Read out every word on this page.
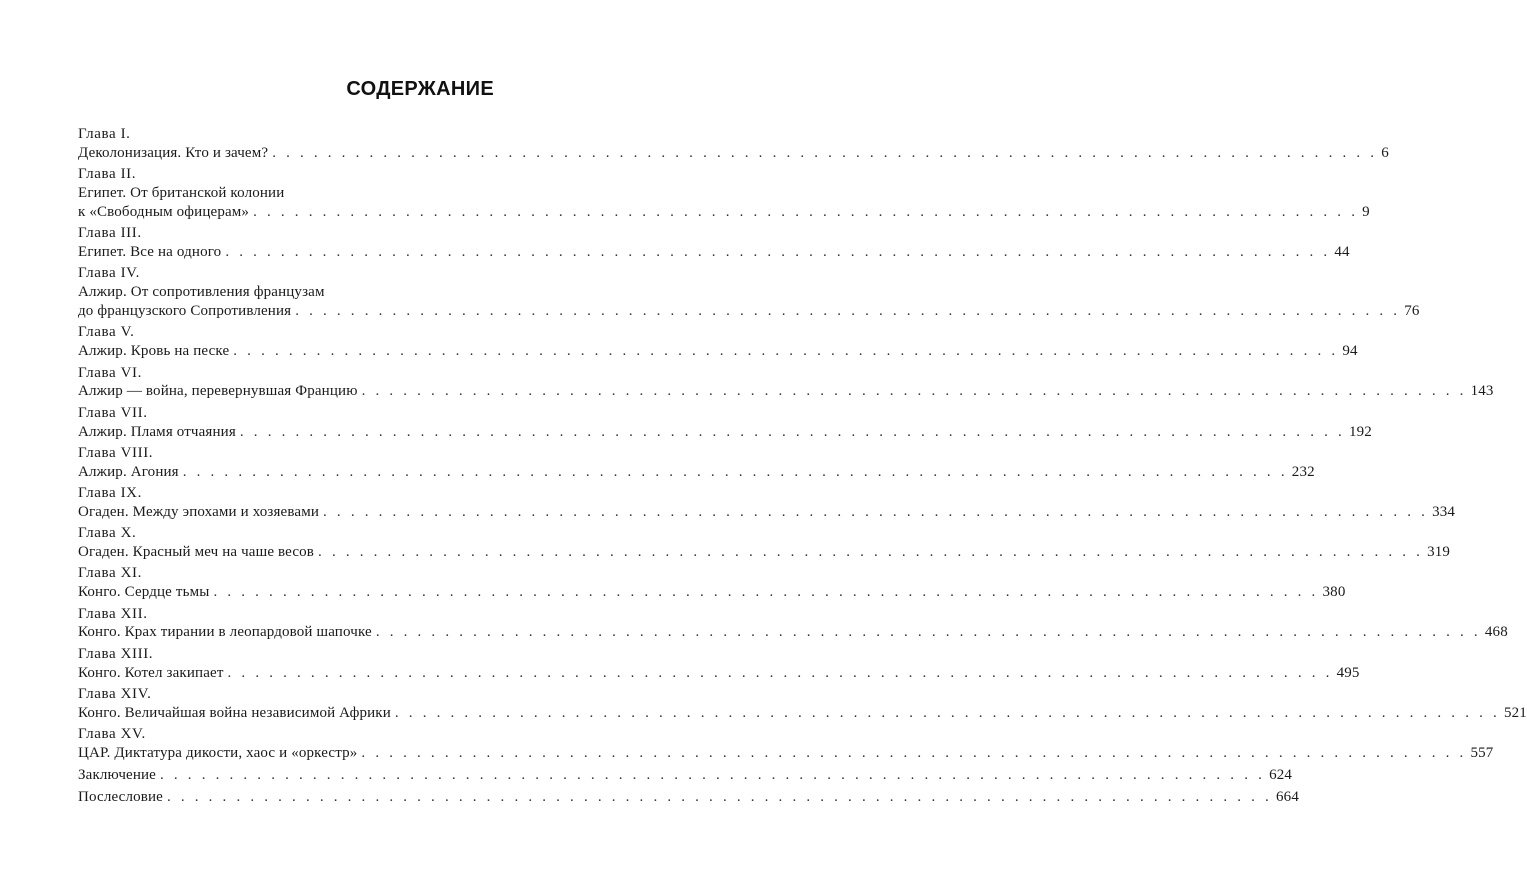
СОДЕРЖАНИЕ
Глава I.
Деколонизация. Кто и зачем? . . . . . . . . . . . . . . . . . . . . . . . . . . . . . . . . . . . . . . . . . . . . . . . . . . . . . . . . . . . . . . . . . . . . . . . . . . . . . . . . 6
Глава II.
Египет. От британской колонии
к «Свободным офицерам» . . . . . . . . . . . . . . . . . . . . . . . . . . . . . . . . . . . . . . . . . . . . . . . . . . . . . . . . . . . . . . . . . . . . . . . . . . . . . . . . 9
Глава III.
Египет. Все на одного . . . . . . . . . . . . . . . . . . . . . . . . . . . . . . . . . . . . . . . . . . . . . . . . . . . . . . . . . . . . . . . . . . . . . . . . . . . . . . . . 44
Глава IV.
Алжир. От сопротивления французам
до французского Сопротивления . . . . . . . . . . . . . . . . . . . . . . . . . . . . . . . . . . . . . . . . . . . . . . . . . . . . . . . . . . . . . . . . . . . . . . . . . . . . . . . . 76
Глава V.
Алжир. Кровь на песке . . . . . . . . . . . . . . . . . . . . . . . . . . . . . . . . . . . . . . . . . . . . . . . . . . . . . . . . . . . . . . . . . . . . . . . . . . . . . . . . 94
Глава VI.
Алжир — война, перевернувшая Францию . . . . . . . . . . . . . . . . . . . . . . . . . . . . . . . . . . . . . . . . . . . . . . . . . . . . . . . . . . . . . . . . . . . . . . . . . . . . . . . . 143
Глава VII.
Алжир. Пламя отчаяния . . . . . . . . . . . . . . . . . . . . . . . . . . . . . . . . . . . . . . . . . . . . . . . . . . . . . . . . . . . . . . . . . . . . . . . . . . . . . . . . 192
Глава VIII.
Алжир. Агония . . . . . . . . . . . . . . . . . . . . . . . . . . . . . . . . . . . . . . . . . . . . . . . . . . . . . . . . . . . . . . . . . . . . . . . . . . . . . . . . 232
Глава IX.
Огаден. Между эпохами и хозяевами . . . . . . . . . . . . . . . . . . . . . . . . . . . . . . . . . . . . . . . . . . . . . . . . . . . . . . . . . . . . . . . . . . . . . . . . . . . . . . . . 334
Глава X.
Огаден. Красный меч на чаше весов . . . . . . . . . . . . . . . . . . . . . . . . . . . . . . . . . . . . . . . . . . . . . . . . . . . . . . . . . . . . . . . . . . . . . . . . . . . . . . . . 319
Глава XI.
Конго. Сердце тьмы . . . . . . . . . . . . . . . . . . . . . . . . . . . . . . . . . . . . . . . . . . . . . . . . . . . . . . . . . . . . . . . . . . . . . . . . . . . . . . . . 380
Глава XII.
Конго. Крах тирании в леопардовой шапочке . . . . . . . . . . . . . . . . . . . . . . . . . . . . . . . . . . . . . . . . . . . . . . . . . . . . . . . . . . . . . . . . . . . . . . . . . . . . . . . . 468
Глава XIII.
Конго. Котел закипает . . . . . . . . . . . . . . . . . . . . . . . . . . . . . . . . . . . . . . . . . . . . . . . . . . . . . . . . . . . . . . . . . . . . . . . . . . . . . . . . 495
Глава XIV.
Конго. Величайшая война независимой Африки . . . . . . . . . . . . . . . . . . . . . . . . . . . . . . . . . . . . . . . . . . . . . . . . . . . . . . . . . . . . . . . . . . . . . . . . . . . . . . . . 521
Глава XV.
ЦАР. Диктатура дикости, хаос и «оркестр» . . . . . . . . . . . . . . . . . . . . . . . . . . . . . . . . . . . . . . . . . . . . . . . . . . . . . . . . . . . . . . . . . . . . . . . . . . . . . . . . 557
Заключение . . . . . . . . . . . . . . . . . . . . . . . . . . . . . . . . . . . . . . . . . . . . . . . . . . . . . . . . . . . . . . . . . . . . . . . . . . . . . . . . 624
Послесловие . . . . . . . . . . . . . . . . . . . . . . . . . . . . . . . . . . . . . . . . . . . . . . . . . . . . . . . . . . . . . . . . . . . . . . . . . . . . . . . . 664
